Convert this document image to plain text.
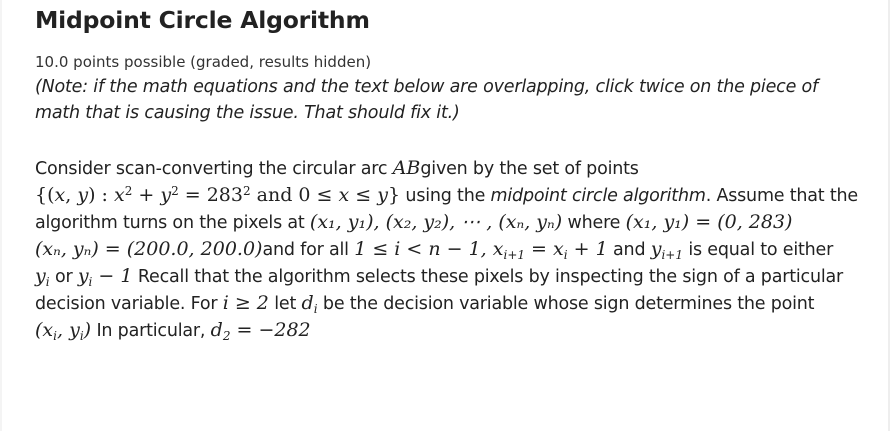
Midpoint Circle Algorithm
10.0 points possible (graded, results hidden)
(Note: if the math equations and the text below are overlapping, click twice on the piece of math that is causing the issue. That should fix it.)
Consider scan-converting the circular arc ABgiven by the set of points
{(x, y) : $x^2 + y^2 = 283^2$ and 0 ≤ x ≤ y} using the midpoint circle algorithm. Assume that the
algorithm turns on the pixels at (x₁, y₁), (x₂, y₂), ⋯ , (xₙ, yₙ) where (x₁, y₁) = (0, 283)
(xₙ, yₙ) = (200.0, 200.0)and for all 1 ≤ i < n − 1, $x_{i+1} = x_i + 1$ and $y_{i+1}$ is equal to either
$y_i$ or $y_i - 1$ Recall that the algorithm selects these pixels by inspecting the sign of a particular
decision variable. For i ≥ 2 let $d_i$ be the decision variable whose sign determines the point
($x_i$, $y_i$) In particular, $d_2 = -282$
